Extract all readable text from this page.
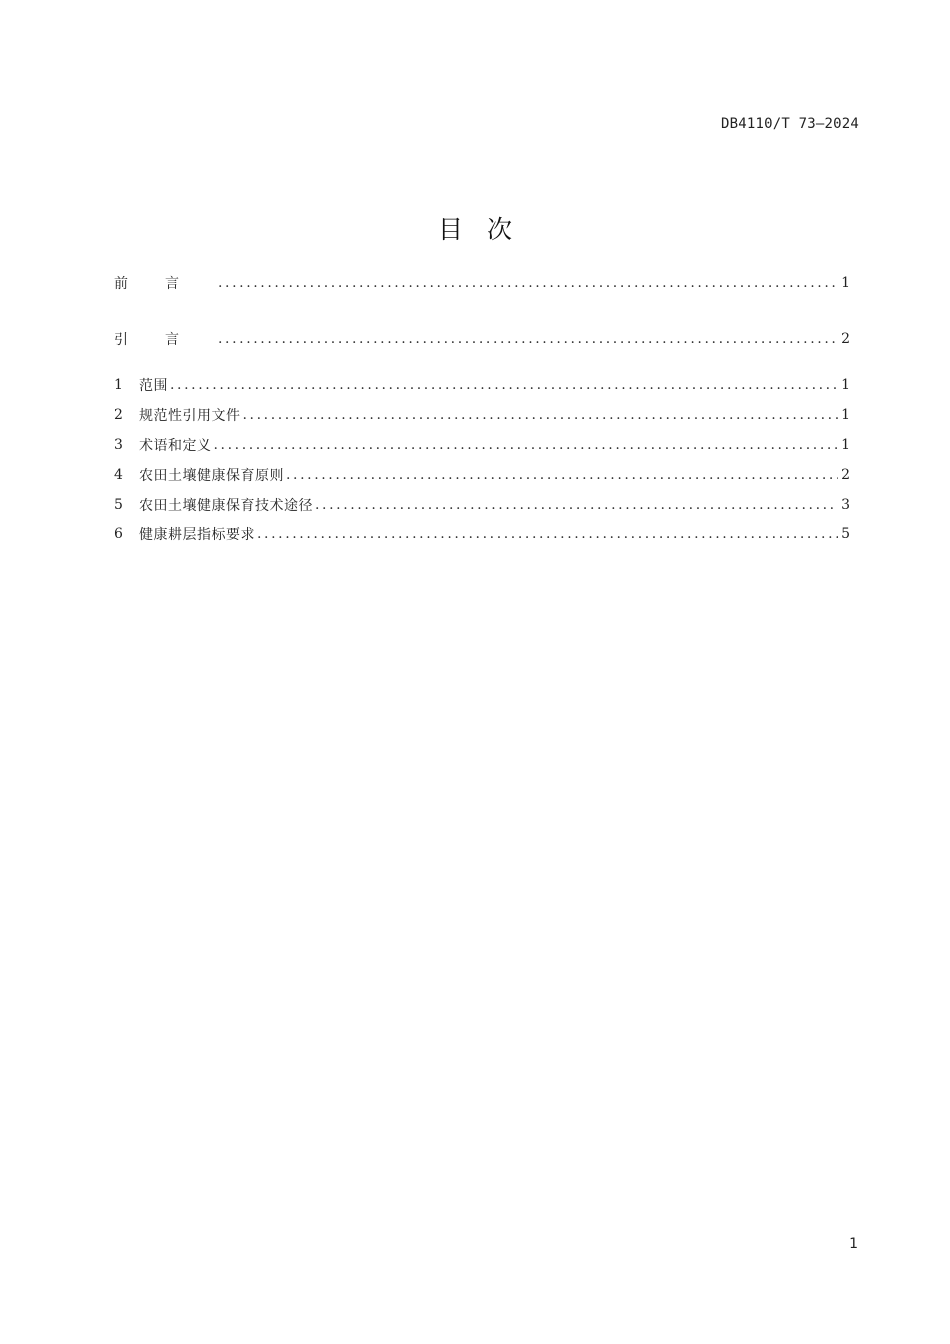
DB4110/T 73—2024
目次
前言 .....	1
引言 .....	2
1	范围 .....	1
2	规范性引用文件 .....	1
3	术语和定义 .....	1
4	农田土壤健康保育原则 .....	2
5	农田土壤健康保育技术途径 .....	3
6	健康耕层指标要求 .....	5
1
